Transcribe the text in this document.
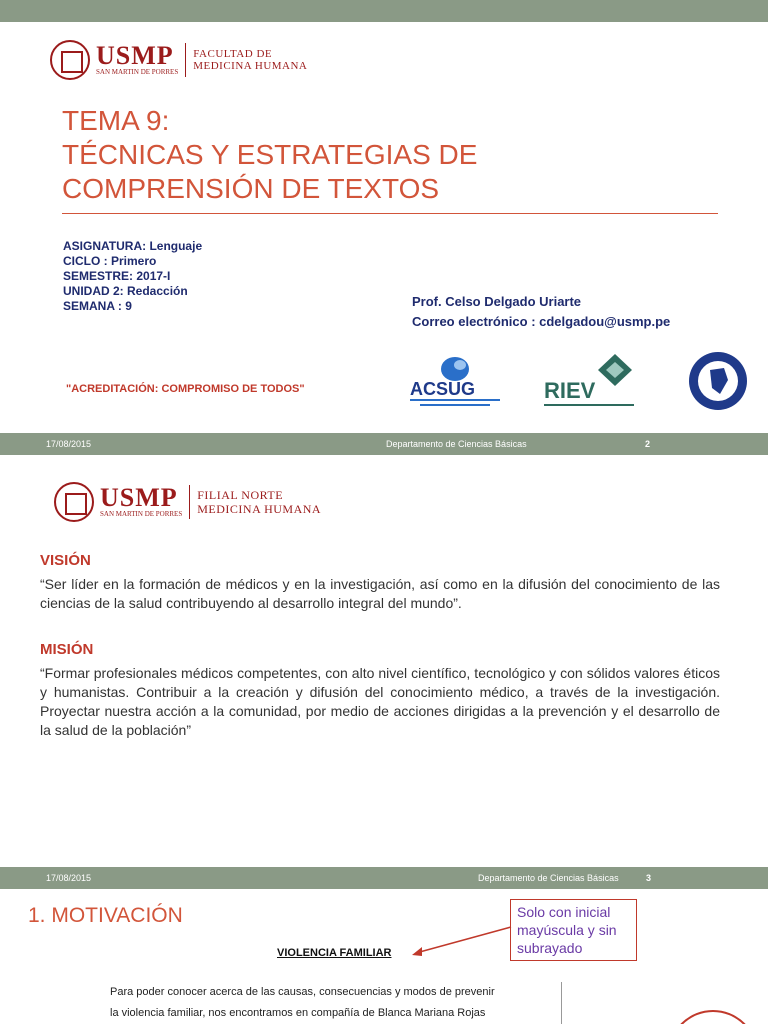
USMP
SAN MARTIN DE PORRES
FACULTAD DE
MEDICINA HUMANA
TEMA 9:
TÉCNICAS Y ESTRATEGIAS DE
COMPRENSIÓN DE TEXTOS
ASIGNATURA: Lenguaje
CICLO : Primero
SEMESTRE: 2017-I
UNIDAD 2: Redacción
SEMANA : 9	Prof. Celso Delgado Uriarte
Correo electrónico : cdelgadou@usmp.pe
"ACREDITACIÓN: COMPROMISO DE TODOS"	ACSUG	RIEV
17/08/2015	Departamento de Ciencias Básicas	2
USMP
SAN MARTIN DE PORRES
FILIAL NORTE
MEDICINA HUMANA
VISIÓN
“Ser líder en la formación de médicos y en la investigación, así como en la difusión del conocimiento de las ciencias de la salud contribuyendo al desarrollo integral del mundo”.
MISIÓN
“Formar profesionales médicos competentes, con alto nivel científico, tecnológico y con sólidos valores éticos y humanistas. Contribuir a la creación y difusión del conocimiento médico, a través de la investigación. Proyectar nuestra acción a la comunidad, por medio de acciones dirigidas a la prevención y el desarrollo de la salud de la población”
17/08/2015	Departamento de Ciencias Básicas	3
1. MOTIVACIÓN	Solo con inicial mayúscula y sin subrayado
VIOLENCIA FAMILIAR
Para poder conocer acerca de las causas, consecuencias y modos de prevenir
la violencia familiar, nos encontramos en compañía de Blanca Mariana Rojas
